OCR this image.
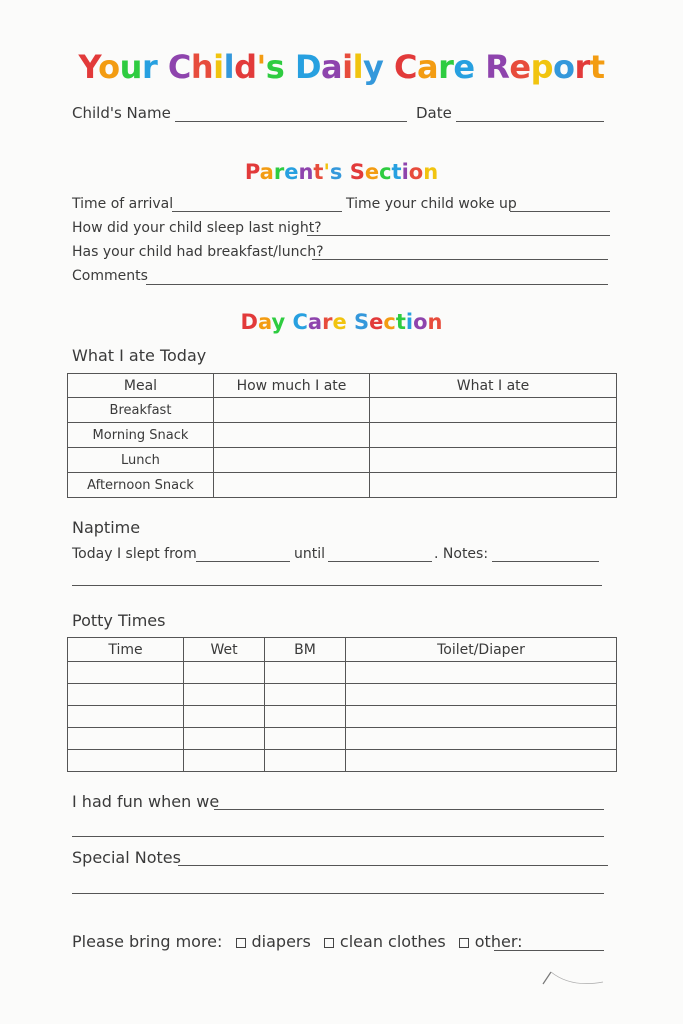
Your Child's Daily Care Report
Child's Name	Date
Parent's Section
Time of arrival	Time your child woke up
How did your child sleep last night?
Has your child had breakfast/lunch?
Comments
Day Care Section
What I ate Today
Meal	How much I ate	What I ate
Breakfast		
Morning Snack		
Lunch		
Afternoon Snack		
Naptime
Today I slept from	until	. Notes:
Potty Times
Time	Wet	BM	Toilet/Diaper

I had fun when we
Special Notes
Please bring more: diapers clean clothes other:
